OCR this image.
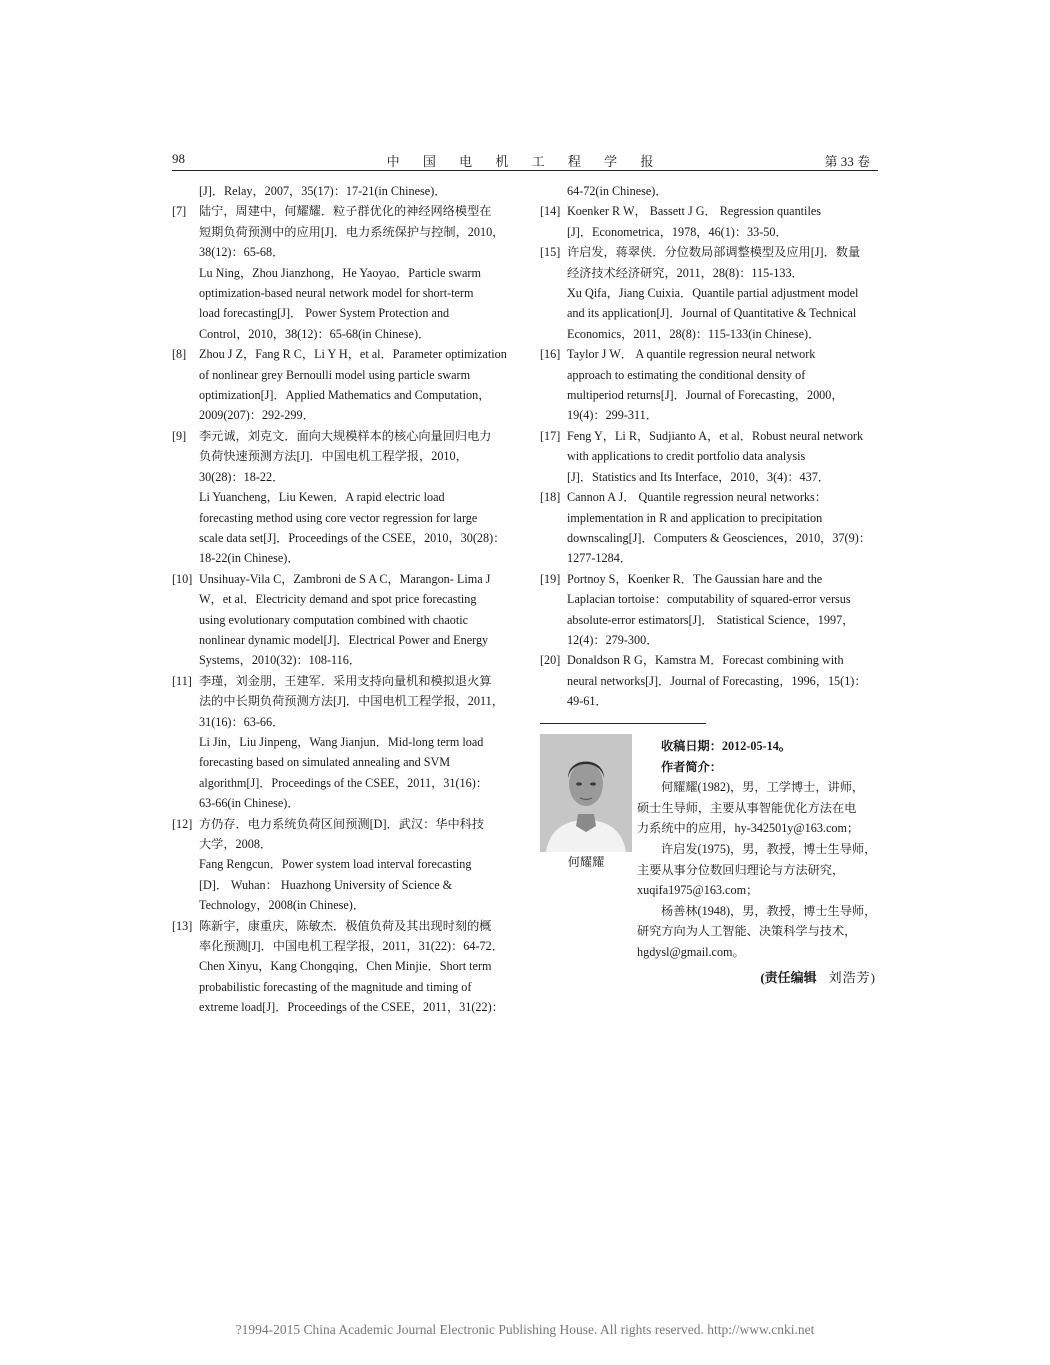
98	中 国 电 机 工 程 学 报	第 33 卷
[J]．Relay，2007，35(17)：17-21(in Chinese)．
[7] 陆宁，周建中，何耀耀．粒子群优化的神经网络模型在
短期负荷预测中的应用[J]．电力系统保护与控制，2010，
38(12)：65-68．
Lu Ning，Zhou Jianzhong，He Yaoyao．Particle swarm
optimization-based neural network model for short-term
load forecasting[J]． Power System Protection and
Control，2010，38(12)：65-68(in Chinese)．
[8] Zhou J Z，Fang R C，Li Y H，et al．Parameter optimization
of nonlinear grey Bernoulli model using particle swarm
optimization[J]．Applied Mathematics and Computation，
2009(207)：292-299．
[9] 李元诚，刘克文．面向大规模样本的核心向量回归电力
负荷快速预测方法[J]．中国电机工程学报，2010，
30(28)：18-22．
Li Yuancheng，Liu Kewen．A rapid electric load
forecasting method using core vector regression for large
scale data set[J]．Proceedings of the CSEE，2010，30(28)：
18-22(in Chinese)．
[10] Unsihuay-Vila C，Zambroni de S A C，Marangon- Lima J
W，et al．Electricity demand and spot price forecasting
using evolutionary computation combined with chaotic
nonlinear dynamic model[J]．Electrical Power and Energy
Systems，2010(32)：108-116．
[11] 李瑾，刘金朋，王建军．采用支持向量机和模拟退火算
法的中长期负荷预测方法[J]．中国电机工程学报，2011，
31(16)：63-66．
Li Jin，Liu Jinpeng，Wang Jianjun．Mid-long term load
forecasting based on simulated annealing and SVM
algorithm[J]．Proceedings of the CSEE，2011，31(16)：
63-66(in Chinese)．
[12] 方仍存．电力系统负荷区间预测[D]．武汉：华中科技
大学，2008．
Fang Rengcun．Power system load interval forecasting
[D]． Wuhan： Huazhong University of Science &
Technology，2008(in Chinese)．
[13] 陈新宇，康重庆，陈敏杰．极值负荷及其出现时刻的概
率化预测[J]．中国电机工程学报，2011，31(22)：64-72．
Chen Xinyu，Kang Chongqing，Chen Minjie．Short term
probabilistic forecasting of the magnitude and timing of
extreme load[J]．Proceedings of the CSEE，2011，31(22)：
64-72(in Chinese)．
[14] Koenker R W， Bassett J G． Regression quantiles
[J]．Econometrica，1978，46(1)：33-50．
[15] 许启发，蒋翠侠．分位数局部调整模型及应用[J]．数量
经济技术经济研究，2011，28(8)：115-133．
Xu Qifa，Jiang Cuixia．Quantile partial adjustment model
and its application[J]．Journal of Quantitative & Technical
Economics，2011，28(8)：115-133(in Chinese)．
[16] Taylor J W． A quantile regression neural network
approach to estimating the conditional density of
multiperiod returns[J]．Journal of Forecasting，2000，
19(4)：299-311．
[17] Feng Y，Li R，Sudjianto A，et al．Robust neural network
with applications to credit portfolio data analysis
[J]．Statistics and Its Interface，2010，3(4)：437．
[18] Cannon A J． Quantile regression neural networks：
implementation in R and application to precipitation
downscaling[J]．Computers & Geosciences，2010，37(9)：
1277-1284．
[19] Portnoy S，Koenker R．The Gaussian hare and the
Laplacian tortoise：computability of squared-error versus
absolute-error estimators[J]． Statistical Science，1997，
12(4)：279-300．
[20] Donaldson R G，Kamstra M．Forecast combining with
neural networks[J]．Journal of Forecasting，1996，15(1)：
49-61．
何耀耀
收稿日期：2012-05-14。
作者简介：
何耀耀(1982)，男，工学博士，讲师，
硕士生导师，主要从事智能优化方法在电
力系统中的应用，hy-342501y@163.com；
许启发(1975)，男，教授，博士生导师，
主要从事分位数回归理论与方法研究，
xuqifa1975@163.com；
杨善林(1948)，男，教授，博士生导师，
研究方向为人工智能、决策科学与技术，
hgdysl@gmail.com。
(责任编辑 刘浩芳)
?1994-2015 China Academic Journal Electronic Publishing House. All rights reserved. http://www.cnki.net
